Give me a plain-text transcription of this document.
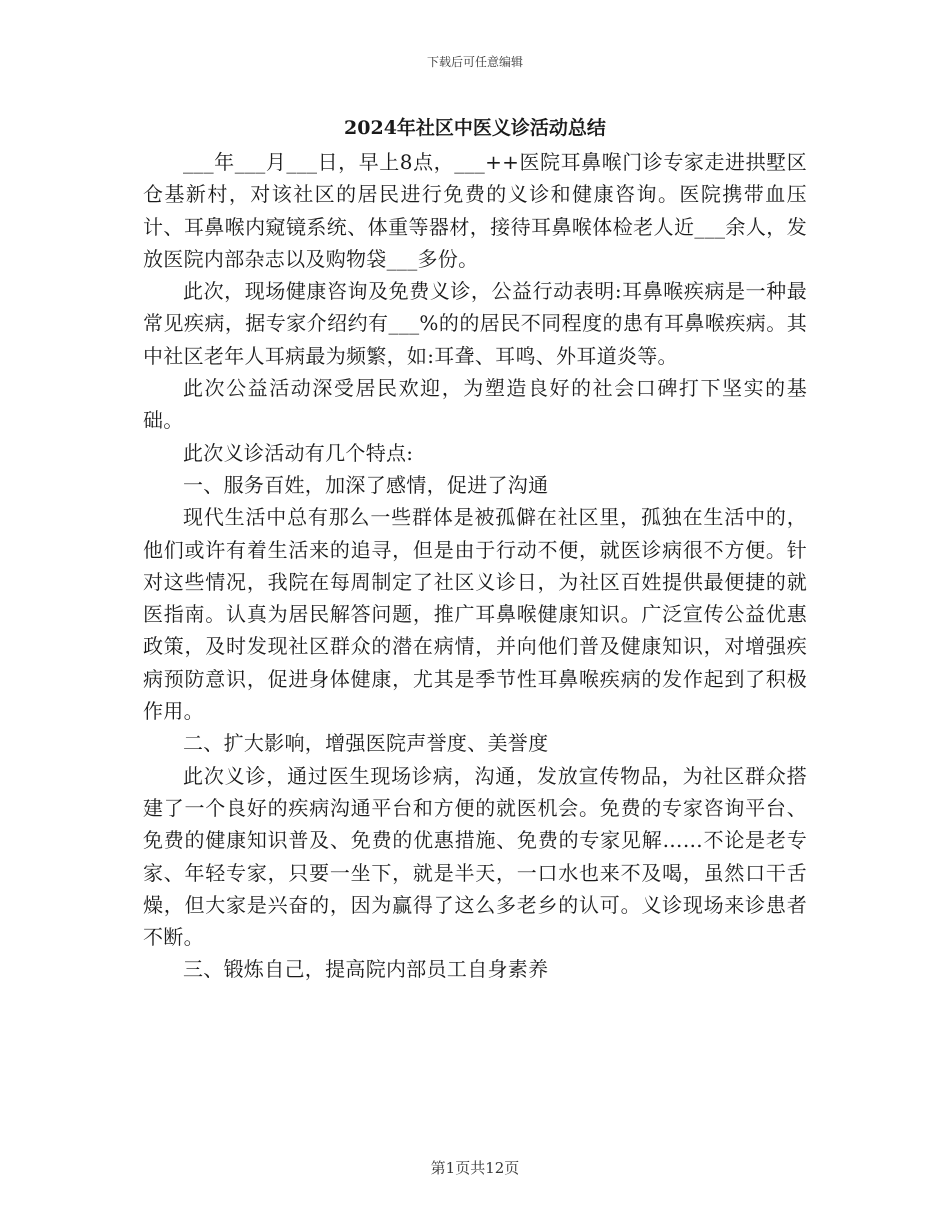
下载后可任意编辑
2024年社区中医义诊活动总结

___年___月___日，早上8点，___++医院耳鼻喉门诊专家走进拱墅区仓基新村，对该社区的居民进行免费的义诊和健康咨询。医院携带血压计、耳鼻喉内窥镜系统、体重等器材，接待耳鼻喉体检老人近___余人，发放医院内部杂志以及购物袋___多份。

此次，现场健康咨询及免费义诊，公益行动表明:耳鼻喉疾病是一种最常见疾病，据专家介绍约有___%的的居民不同程度的患有耳鼻喉疾病。其中社区老年人耳病最为频繁，如:耳聋、耳鸣、外耳道炎等。

此次公益活动深受居民欢迎，为塑造良好的社会口碑打下坚实的基础。

此次义诊活动有几个特点:

一、服务百姓，加深了感情，促进了沟通

现代生活中总有那么一些群体是被孤僻在社区里，孤独在生活中的，他们或许有着生活来的追寻，但是由于行动不便，就医诊病很不方便。针对这些情况，我院在每周制定了社区义诊日，为社区百姓提供最便捷的就医指南。认真为居民解答问题，推广耳鼻喉健康知识。广泛宣传公益优惠政策，及时发现社区群众的潜在病情，并向他们普及健康知识，对增强疾病预防意识，促进身体健康，尤其是季节性耳鼻喉疾病的发作起到了积极作用。

二、扩大影响，增强医院声誉度、美誉度

此次义诊，通过医生现场诊病，沟通，发放宣传物品，为社区群众搭建了一个良好的疾病沟通平台和方便的就医机会。免费的专家咨询平台、免费的健康知识普及、免费的优惠措施、免费的专家见解……不论是老专家、年轻专家，只要一坐下，就是半天，一口水也来不及喝，虽然口干舌燥，但大家是兴奋的，因为赢得了这么多老乡的认可。义诊现场来诊患者不断。

三、锻炼自己，提高院内部员工自身素养

第1页共12页
